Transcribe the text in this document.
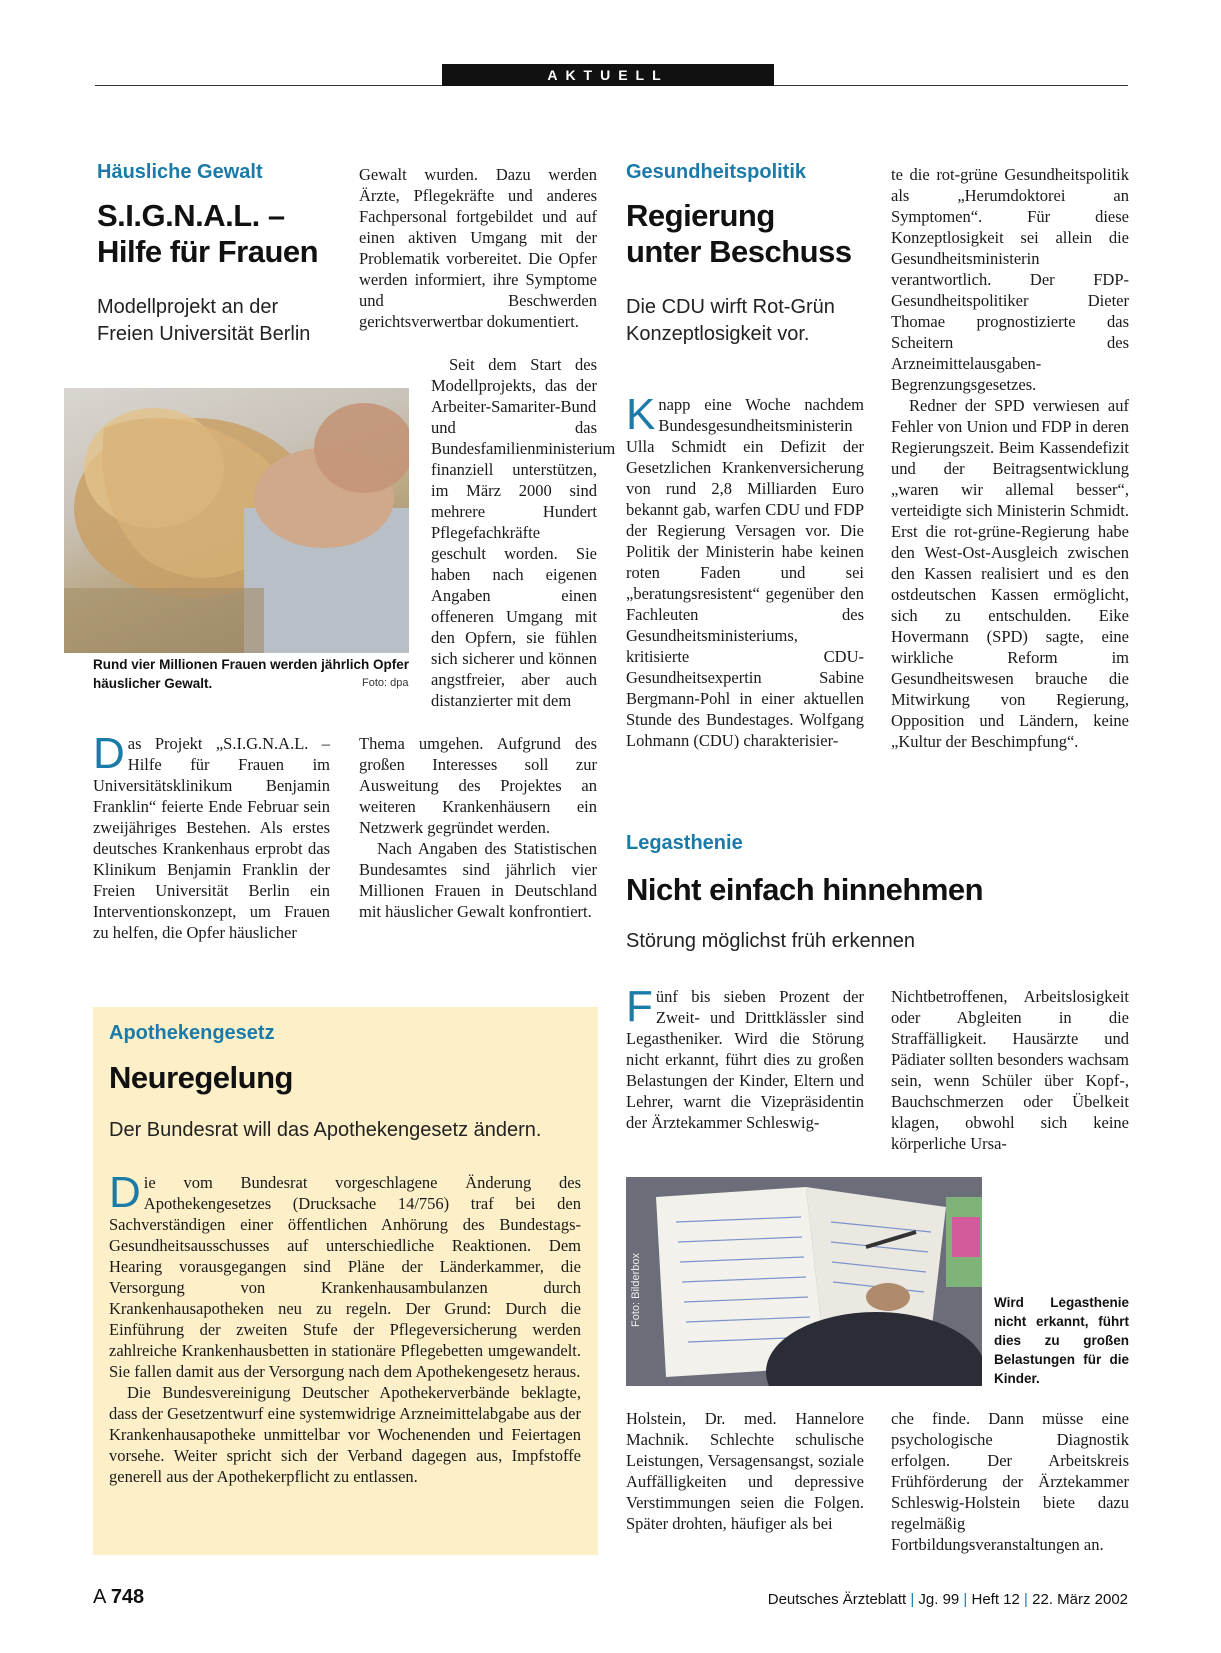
AKTUELL
Häusliche Gewalt
S.I.G.N.A.L. –
Hilfe für Frauen
Modellprojekt an der Freien Universität Berlin
Rund vier Millionen Frauen werden jährlich Opfer häuslicher Gewalt.	Foto: dpa

Das Projekt „S.I.G.N.A.L. – Hilfe für Frauen im Universitätsklinikum Benjamin Franklin“ feierte Ende Februar sein zweijähriges Bestehen. Als erstes deutsches Krankenhaus erprobt das Klinikum Benjamin Franklin der Freien Universität Berlin ein Interventionskonzept, um Frauen zu helfen, die Opfer häuslicher

Gewalt wurden. Dazu werden Ärzte, Pflegekräfte und anderes Fachpersonal fortgebildet und auf einen aktiven Umgang mit der Problematik vorbereitet. Die Opfer werden informiert, ihre Symptome und Beschwerden gerichtsverwertbar dokumentiert.

Seit dem Start des Modellprojekts, das der Arbeiter-Samariter-Bund und das Bundesfamilienministerium finanziell unterstützen, im März 2000 sind mehrere Hundert Pflegefachkräfte geschult worden. Sie haben nach eigenen Angaben einen offeneren Umgang mit den Opfern, sie fühlen sich sicherer und können angstfreier, aber auch distanzierter mit dem

Thema umgehen. Aufgrund des großen Interesses soll zur Ausweitung des Projektes an weiteren Krankenhäusern ein Netzwerk gegründet werden.

Nach Angaben des Statistischen Bundesamtes sind jährlich vier Millionen Frauen in Deutschland mit häuslicher Gewalt konfrontiert.

Apothekengesetz
Neuregelung
Der Bundesrat will das Apothekengesetz ändern.

Die vom Bundesrat vorgeschlagene Änderung des Apothekengesetzes (Drucksache 14/756) traf bei den Sachverständigen einer öffentlichen Anhörung des Bundestags-Gesundheitsausschusses auf unterschiedliche Reaktionen. Dem Hearing vorausgegangen sind Pläne der Länderkammer, die Versorgung von Krankenhausambulanzen durch Krankenhausapotheken neu zu regeln. Der Grund: Durch die Einführung der zweiten Stufe der Pflegeversicherung werden zahlreiche Krankenhausbetten in stationäre Pflegebetten umgewandelt. Sie fallen damit aus der Versorgung nach dem Apothekengesetz heraus.

Die Bundesvereinigung Deutscher Apothekerverbände beklagte, dass der Gesetzentwurf eine systemwidrige Arzneimittelabgabe aus der Krankenhausapotheke unmittelbar vor Wochenenden und Feiertagen vorsehe. Weiter spricht sich der Verband dagegen aus, Impfstoffe generell aus der Apothekerpflicht zu entlassen.

Gesundheitspolitik
Regierung
unter Beschuss
Die CDU wirft Rot-Grün Konzeptlosigkeit vor.

Knapp eine Woche nachdem Bundesgesundheitsministerin Ulla Schmidt ein Defizit der Gesetzlichen Krankenversicherung von rund 2,8 Milliarden Euro bekannt gab, warfen CDU und FDP der Regierung Versagen vor. Die Politik der Ministerin habe keinen roten Faden und sei „beratungsresistent“ gegenüber den Fachleuten des Gesundheitsministeriums, kritisierte CDU-Gesundheitsexpertin Sabine Bergmann-Pohl in einer aktuellen Stunde des Bundestages. Wolfgang Lohmann (CDU) charakterisier-

te die rot-grüne Gesundheitspolitik als „Herumdoktorei an Symptomen“. Für diese Konzeptlosigkeit sei allein die Gesundheitsministerin verantwortlich. Der FDP-Gesundheitspolitiker Dieter Thomae prognostizierte das Scheitern des Arzneimittelausgaben-Begrenzungsgesetzes.

Redner der SPD verwiesen auf Fehler von Union und FDP in deren Regierungszeit. Beim Kassendefizit und der Beitragsentwicklung „waren wir allemal besser“, verteidigte sich Ministerin Schmidt. Erst die rot-grüne-Regierung habe den West-Ost-Ausgleich zwischen den Kassen realisiert und es den ostdeutschen Kassen ermöglicht, sich zu entschulden. Eike Hovermann (SPD) sagte, eine wirkliche Reform im Gesundheitswesen brauche die Mitwirkung von Regierung, Opposition und Ländern, keine „Kultur der Beschimpfung“.

Legasthenie
Nicht einfach hinnehmen
Störung möglichst früh erkennen

Fünf bis sieben Prozent der Zweit- und Drittklässler sind Legastheniker. Wird die Störung nicht erkannt, führt dies zu großen Belastungen der Kinder, Eltern und Lehrer, warnt die Vizepräsidentin der Ärztekammer Schleswig-

Nichtbetroffenen, Arbeitslosigkeit oder Abgleiten in die Straffälligkeit. Hausärzte und Pädiater sollten besonders wachsam sein, wenn Schüler über Kopf-, Bauchschmerzen oder Übelkeit klagen, obwohl sich keine körperliche Ursa-

Foto: Bilderbox	Wird Legasthenie nicht erkannt, führt dies zu großen Belastungen für die Kinder.

Holstein, Dr. med. Hannelore Machnik. Schlechte schulische Leistungen, Versagensangst, soziale Auffälligkeiten und depressive Verstimmungen seien die Folgen. Später drohten, häufiger als bei

che finde. Dann müsse eine psychologische Diagnostik erfolgen. Der Arbeitskreis Frühförderung der Ärztekammer Schleswig-Holstein biete dazu regelmäßig Fortbildungsveranstaltungen an.

A 748	Deutsches Ärzteblatt | Jg. 99 | Heft 12 | 22. März 2002
